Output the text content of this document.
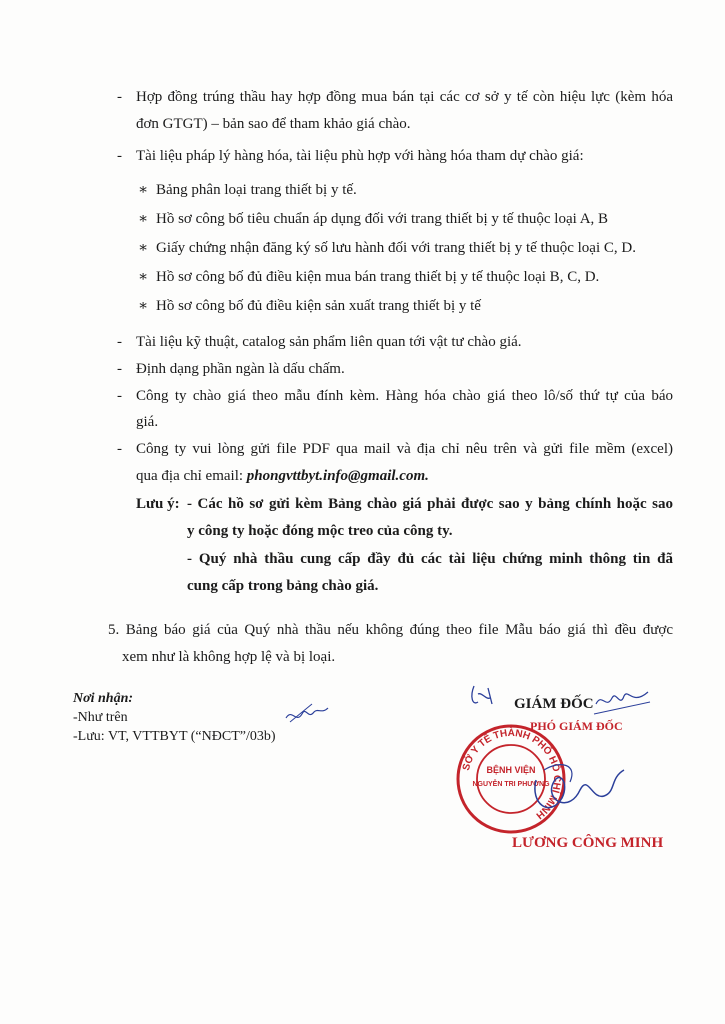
- Hợp đồng trúng thầu hay hợp đồng mua bán tại các cơ sở y tế còn hiệu lực (kèm hóa
đơn GTGT) – bản sao để tham khảo giá chào.
- Tài liệu pháp lý hàng hóa, tài liệu phù hợp với hàng hóa tham dự chào giá:
∗ Bảng phân loại trang thiết bị y tế.
∗ Hồ sơ công bố tiêu chuẩn áp dụng đối với trang thiết bị y tế thuộc loại A, B
∗ Giấy chứng nhận đăng ký số lưu hành đối với trang thiết bị y tế thuộc loại C, D.
∗ Hồ sơ công bố đủ điều kiện mua bán trang thiết bị y tế thuộc loại B, C, D.
∗ Hồ sơ công bố đủ điều kiện sản xuất trang thiết bị y tế
- Tài liệu kỹ thuật, catalog sản phẩm liên quan tới vật tư chào giá.
- Định dạng phần ngàn là dấu chấm.
- Công ty chào giá theo mẫu đính kèm. Hàng hóa chào giá theo lô/số thứ tự của báo
giá.
- Công ty vui lòng gửi file PDF qua mail và địa chỉ nêu trên và gửi file mềm (excel)
qua địa chỉ email: phongvttbyt.info@gmail.com.
Lưu ý: - Các hồ sơ gửi kèm Bảng chào giá phải được sao y bảng chính hoặc sao
y công ty hoặc đóng mộc treo của công ty.
- Quý nhà thầu cung cấp đầy đủ các tài liệu chứng minh thông tin đã
cung cấp trong bảng chào giá.
5. Bảng báo giá của Quý nhà thầu nếu không đúng theo file Mẫu báo giá thì đều được
xem như là không hợp lệ và bị loại.
Nơi nhận:
-Như trên
-Lưu: VT, VTTBYT (“NĐCT”/03b)
GIÁM ĐỐC
PHÓ GIÁM ĐỐC
SỞ Y TẾ THÀNH PHỐ HỒ CHÍ MINH
BỆNH VIỆN
NGUYỄN TRI PHƯƠNG
LƯƠNG CÔNG MINH
